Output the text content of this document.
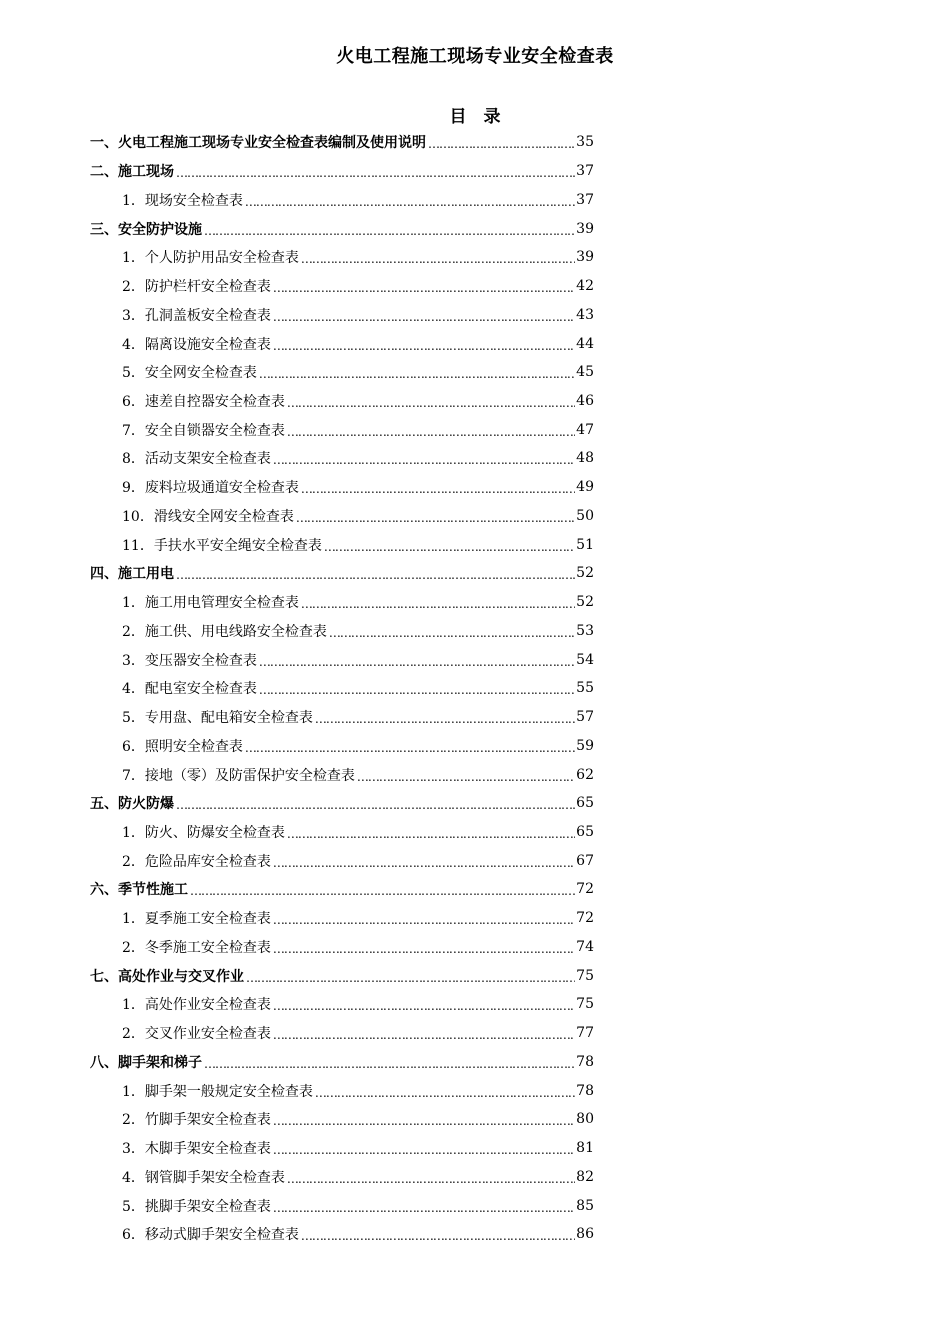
火电工程施工现场专业安全检查表
目　录
一、火电工程施工现场专业安全检查表编制及使用说明 …………………………………………………………………………………………………………………………………………………………………………………	35
二、施工现场 …………………………………………………………………………………………………………………………………………………………………………………	37
1．现场安全检查表 …………………………………………………………………………………………………………………………………………………………………………………	37
三、安全防护设施 …………………………………………………………………………………………………………………………………………………………………………………	39
1．个人防护用品安全检查表 …………………………………………………………………………………………………………………………………………………………………………………	39
2．防护栏杆安全检查表 …………………………………………………………………………………………………………………………………………………………………………………	42
3．孔洞盖板安全检查表 …………………………………………………………………………………………………………………………………………………………………………………	43
4．隔离设施安全检查表 …………………………………………………………………………………………………………………………………………………………………………………	44
5．安全网安全检查表 …………………………………………………………………………………………………………………………………………………………………………………	45
6．速差自控器安全检查表 …………………………………………………………………………………………………………………………………………………………………………………	46
7．安全自锁器安全检查表 …………………………………………………………………………………………………………………………………………………………………………………	47
8．活动支架安全检查表 …………………………………………………………………………………………………………………………………………………………………………………	48
9．废料垃圾通道安全检查表 …………………………………………………………………………………………………………………………………………………………………………………	49
10．滑线安全网安全检查表 …………………………………………………………………………………………………………………………………………………………………………………	50
11．手扶水平安全绳安全检查表 …………………………………………………………………………………………………………………………………………………………………………………	51
四、施工用电 …………………………………………………………………………………………………………………………………………………………………………………	52
1．施工用电管理安全检查表 …………………………………………………………………………………………………………………………………………………………………………………	52
2．施工供、用电线路安全检查表 …………………………………………………………………………………………………………………………………………………………………………………	53
3．变压器安全检查表 …………………………………………………………………………………………………………………………………………………………………………………	54
4．配电室安全检查表 …………………………………………………………………………………………………………………………………………………………………………………	55
5．专用盘、配电箱安全检查表 …………………………………………………………………………………………………………………………………………………………………………………	57
6．照明安全检查表 …………………………………………………………………………………………………………………………………………………………………………………	59
7．接地（零）及防雷保护安全检查表 …………………………………………………………………………………………………………………………………………………………………………………	62
五、防火防爆 …………………………………………………………………………………………………………………………………………………………………………………	65
1．防火、防爆安全检查表 …………………………………………………………………………………………………………………………………………………………………………………	65
2．危险品库安全检查表 …………………………………………………………………………………………………………………………………………………………………………………	67
六、季节性施工 …………………………………………………………………………………………………………………………………………………………………………………	72
1．夏季施工安全检查表 …………………………………………………………………………………………………………………………………………………………………………………	72
2．冬季施工安全检查表 …………………………………………………………………………………………………………………………………………………………………………………	74
七、高处作业与交叉作业 …………………………………………………………………………………………………………………………………………………………………………………	75
1．高处作业安全检查表 …………………………………………………………………………………………………………………………………………………………………………………	75
2．交叉作业安全检查表 …………………………………………………………………………………………………………………………………………………………………………………	77
八、脚手架和梯子 …………………………………………………………………………………………………………………………………………………………………………………	78
1．脚手架一般规定安全检查表 …………………………………………………………………………………………………………………………………………………………………………………	78
2．竹脚手架安全检查表 …………………………………………………………………………………………………………………………………………………………………………………	80
3．木脚手架安全检查表 …………………………………………………………………………………………………………………………………………………………………………………	81
4．钢管脚手架安全检查表 …………………………………………………………………………………………………………………………………………………………………………………	82
5．挑脚手架安全检查表 …………………………………………………………………………………………………………………………………………………………………………………	85
6．移动式脚手架安全检查表 …………………………………………………………………………………………………………………………………………………………………………………	86
